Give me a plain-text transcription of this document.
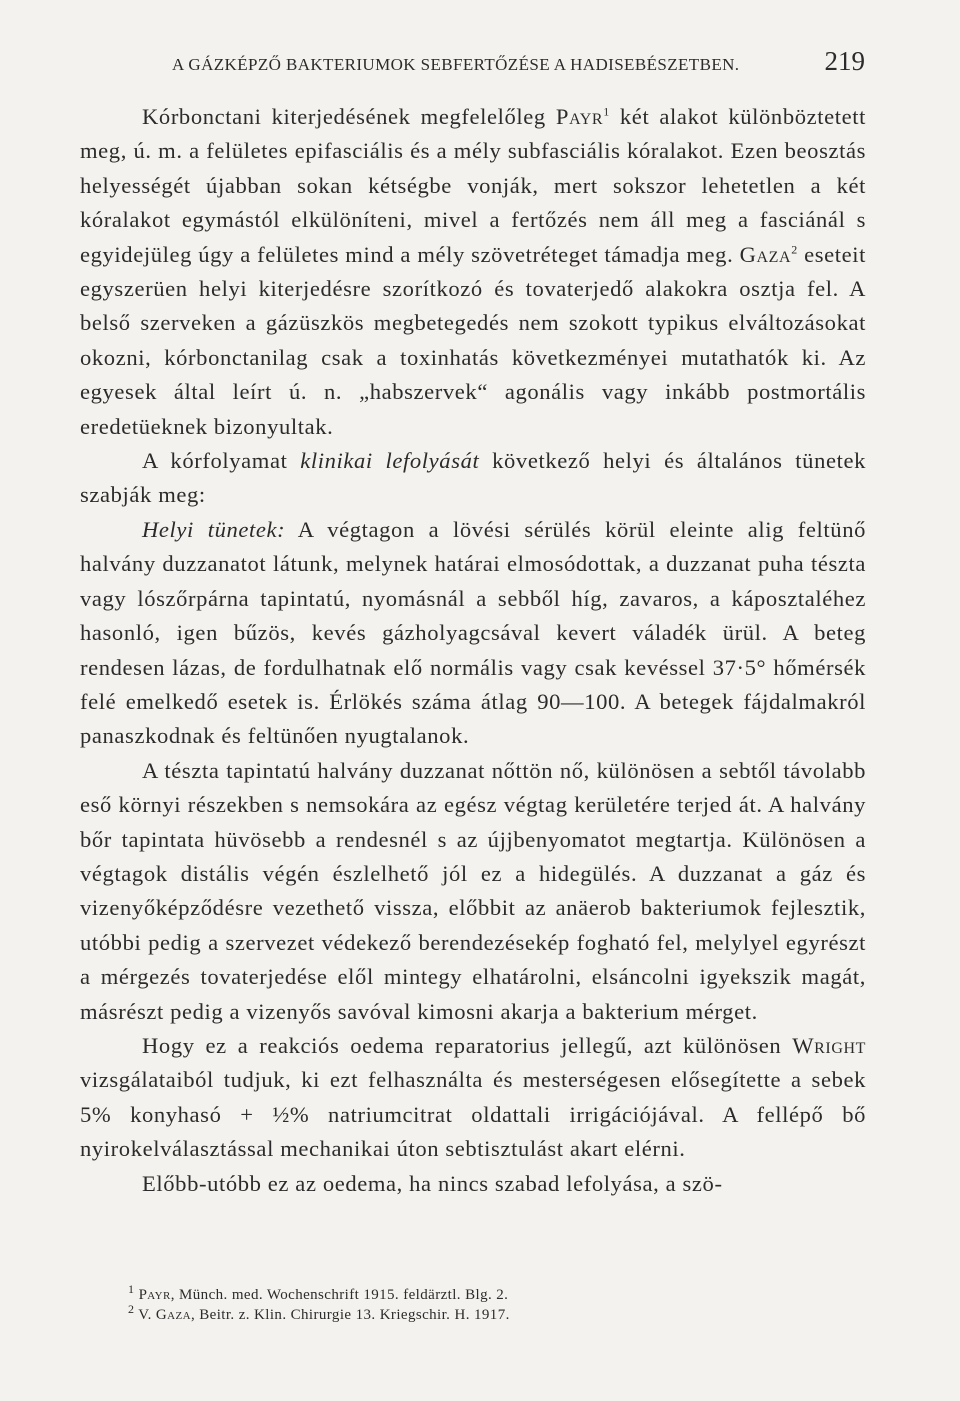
A GÁZKÉPZŐ BAKTERIUMOK SEBFERTŐZÉSE A HADISEBÉSZETBEN.	219

Kórbonctani kiterjedésének megfelelőleg Payr$^1$ két alakot különböztetett meg, ú. m. a felületes epifasciális és a mély subfasciális kóralakot. Ezen beosztás helyességét újabban sokan kétségbe vonják, mert sokszor lehetetlen a két kóralakot egymástól elkülöníteni, mivel a fertőzés nem áll meg a fasciánál s egyidejüleg úgy a felületes mind a mély szövetréteget támadja meg. Gaza$^2$ eseteit egyszerüen helyi kiterjedésre szorítkozó és tovaterjedő alakokra osztja fel. A belső szerveken a gázüszkös megbetegedés nem szokott typikus elváltozásokat okozni, kórbonctanilag csak a toxinhatás következményei mutathatók ki. Az egyesek által leírt ú. n. „habszervek“ agonális vagy inkább postmortális eredetüeknek bizonyultak.

A kórfolyamat klinikai lefolyását következő helyi és általános tünetek szabják meg:

Helyi tünetek: A végtagon a lövési sérülés körül eleinte alig feltünő halvány duzzanatot látunk, melynek határai elmosódottak, a duzzanat puha tészta vagy lószőrpárna tapintatú, nyomásnál a sebből híg, zavaros, a káposztaléhez hasonló, igen bűzös, kevés gázholyagcsával kevert váladék ürül. A beteg rendesen lázas, de fordulhatnak elő normális vagy csak kevéssel 37·5° hőmérsék felé emelkedő esetek is. Érlökés száma átlag 90—100. A betegek fájdalmakról panaszkodnak és feltünően nyugtalanok.

A tészta tapintatú halvány duzzanat nőttön nő, különösen a sebtől távolabb eső környi részekben s nemsokára az egész végtag kerületére terjed át. A halvány bőr tapintata hüvösebb a rendesnél s az újjbenyomatot megtartja. Különösen a végtagok distális végén észlelhető jól ez a hidegülés. A duzzanat a gáz és vizenyőképződésre vezethető vissza, előbbit az anäerob bakteriumok fejlesztik, utóbbi pedig a szervezet védekező berendezésekép fogható fel, melylyel egyrészt a mérgezés tovaterjedése elől mintegy elhatárolni, elsáncolni igyekszik magát, másrészt pedig a vizenyős savóval kimosni akarja a bakterium mérget.

Hogy ez a reakciós oedema reparatorius jellegű, azt különösen Wright vizsgálataiból tudjuk, ki ezt felhasználta és mesterségesen elősegítette a sebek 5% konyhasó + ½% natriumcitrat oldattali irrigációjával. A fellépő bő nyirokelválasztással mechanikai úton sebtisztulást akart elérni.

Előbb-utóbb ez az oedema, ha nincs szabad lefolyása, a szö-

$^1$ Payr, Münch. med. Wochenschrift 1915. feldärztl. Blg. 2.

$^2$ V. Gaza, Beitr. z. Klin. Chirurgie 13. Kriegschir. H. 1917.
